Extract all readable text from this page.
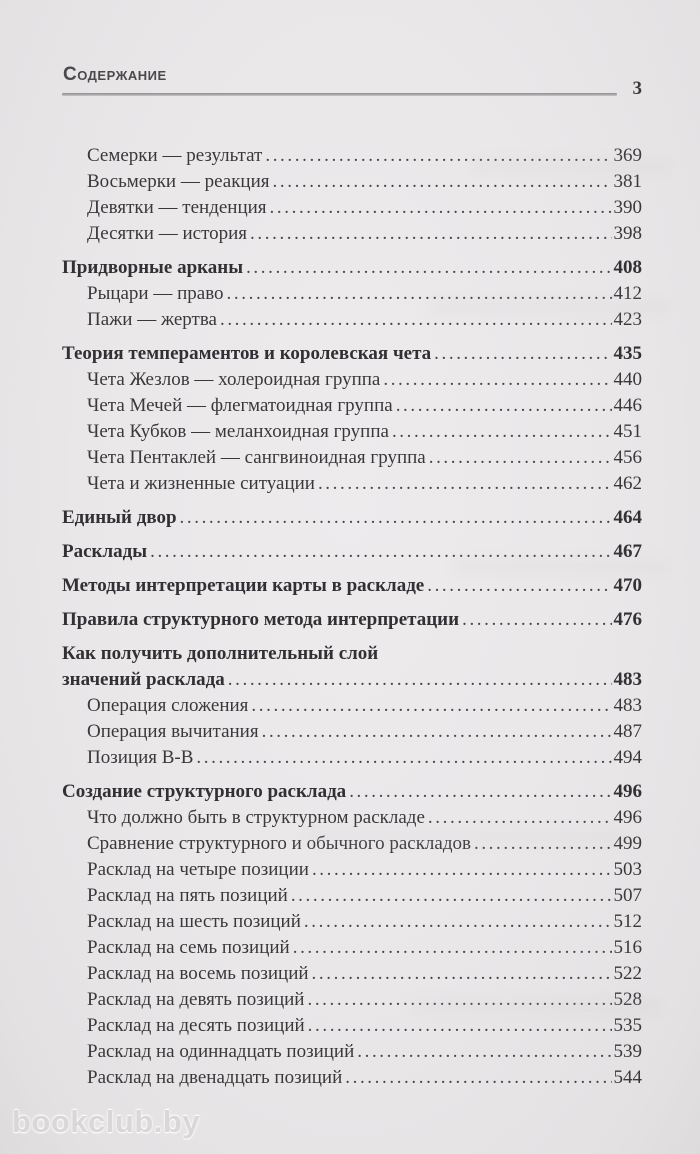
Содержание
3
Семерки — результат .....	369
Восьмерки — реакция .....	381
Девятки — тенденция .....	390
Десятки — история .....	398
Придворные арканы .....	408
Рыцари — право .....	412
Пажи — жертва .....	423
Теория темпераментов и королевская чета .....	435
Чета Жезлов — холероидная группа .....	440
Чета Мечей — флегматоидная группа .....	446
Чета Кубков — меланхоидная группа .....	451
Чета Пентаклей — сангвиноидная группа .....	456
Чета и жизненные ситуации .....	462
Единый двор .....	464
Расклады .....	467
Методы интерпретации карты в раскладе .....	470
Правила структурного метода интерпретации .....	476
Как получить дополнительный слой
значений расклада .....	483
Операция сложения .....	483
Операция вычитания .....	487
Позиция В-В .....	494
Создание структурного расклада .....	496
Что должно быть в структурном раскладе .....	496
Сравнение структурного и обычного раскладов .....	499
Расклад на четыре позиции .....	503
Расклад на пять позиций .....	507
Расклад на шесть позиций .....	512
Расклад на семь позиций .....	516
Расклад на восемь позиций .....	522
Расклад на девять позиций .....	528
Расклад на десять позиций .....	535
Расклад на одиннадцать позиций .....	539
Расклад на двенадцать позиций .....	544
bookclub.by
